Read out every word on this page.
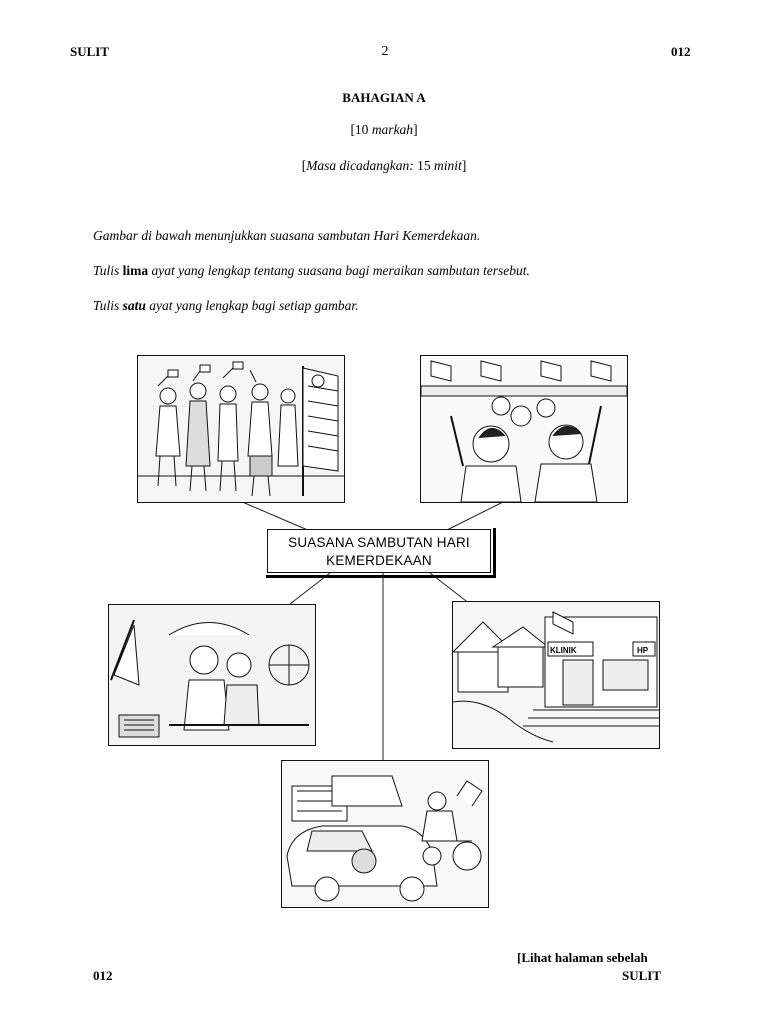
SULIT	2	012
BAHAGIAN A
[10 markah]
[Masa dicadangkan: 15 minit]
Gambar di bawah menunjukkan suasana sambutan Hari Kemerdekaan.
Tulis lima ayat yang lengkap tentang suasana bagi meraikan sambutan tersebut.
Tulis satu ayat yang lengkap bagi setiap gambar.
SUASANA SAMBUTAN HARI
KEMERDEKAAN
KLINIK	HP
[Lihat halaman sebelah
012	SULIT
